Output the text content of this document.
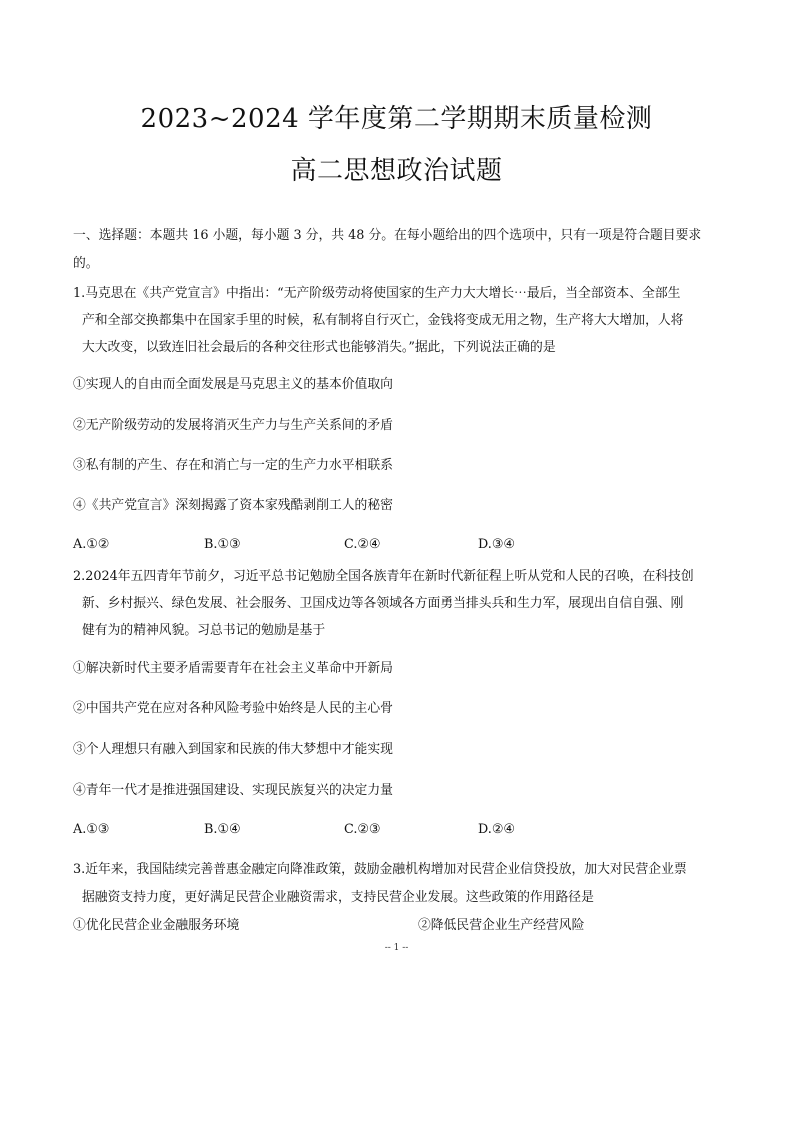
2023~2024 学年度第二学期期末质量检测
高二思想政治试题
一、选择题：本题共 16 小题，每小题 3 分，共 48 分。在每小题给出的四个选项中，只有一项是符合题目要求
的。
1.马克思在《共产党宣言》中指出：“无产阶级劳动将使国家的生产力大大增长⋯最后，当全部资本、全部生
产和全部交换都集中在国家手里的时候，私有制将自行灭亡，金钱将变成无用之物，生产将大大增加，人将
大大改变，以致连旧社会最后的各种交往形式也能够消失。”据此，下列说法正确的是
①实现人的自由而全面发展是马克思主义的基本价值取向
②无产阶级劳动的发展将消灭生产力与生产关系间的矛盾
③私有制的产生、存在和消亡与一定的生产力水平相联系
④《共产党宣言》深刻揭露了资本家残酷剥削工人的秘密
A.①②	B.①③	C.②④	D.③④
2.2024年五四青年节前夕，习近平总书记勉励全国各族青年在新时代新征程上听从党和人民的召唤，在科技创
新、乡村振兴、绿色发展、社会服务、卫国戍边等各领域各方面勇当排头兵和生力军，展现出自信自强、刚
健有为的精神风貌。习总书记的勉励是基于
①解决新时代主要矛盾需要青年在社会主义革命中开新局
②中国共产党在应对各种风险考验中始终是人民的主心骨
③个人理想只有融入到国家和民族的伟大梦想中才能实现
④青年一代才是推进强国建设、实现民族复兴的决定力量
A.①③	B.①④	C.②③	D.②④
3.近年来，我国陆续完善普惠金融定向降准政策，鼓励金融机构增加对民营企业信贷投放，加大对民营企业票
据融资支持力度，更好满足民营企业融资需求，支持民营企业发展。这些政策的作用路径是
①优化民营企业金融服务环境	②降低民营企业生产经营风险
-- 1 --
